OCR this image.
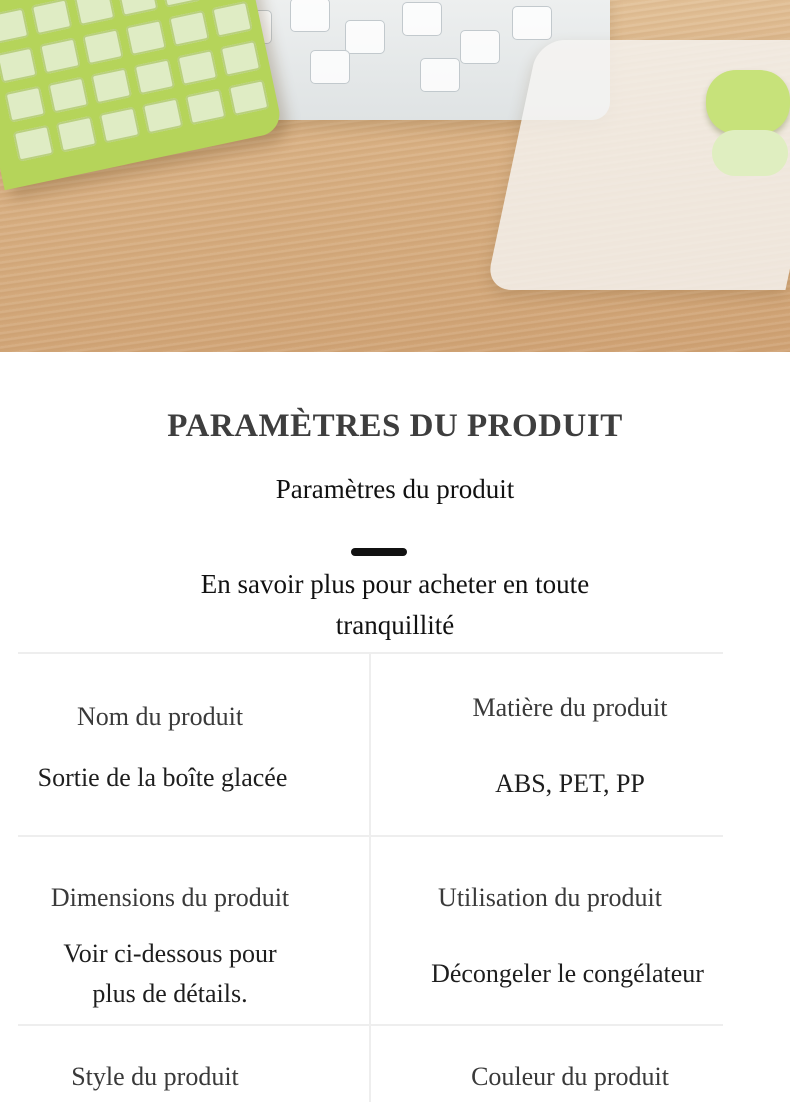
PARAMÈTRES DU PRODUIT
Paramètres du produit
En savoir plus pour acheter en toute tranquillité
Nom du produit
Sortie de la boîte glacée
Matière du produit
ABS, PET, PP
Dimensions du produit
Voir ci-dessous pour plus de détails.
Utilisation du produit
Décongeler le congélateur
Style du produit	Couleur du produit
